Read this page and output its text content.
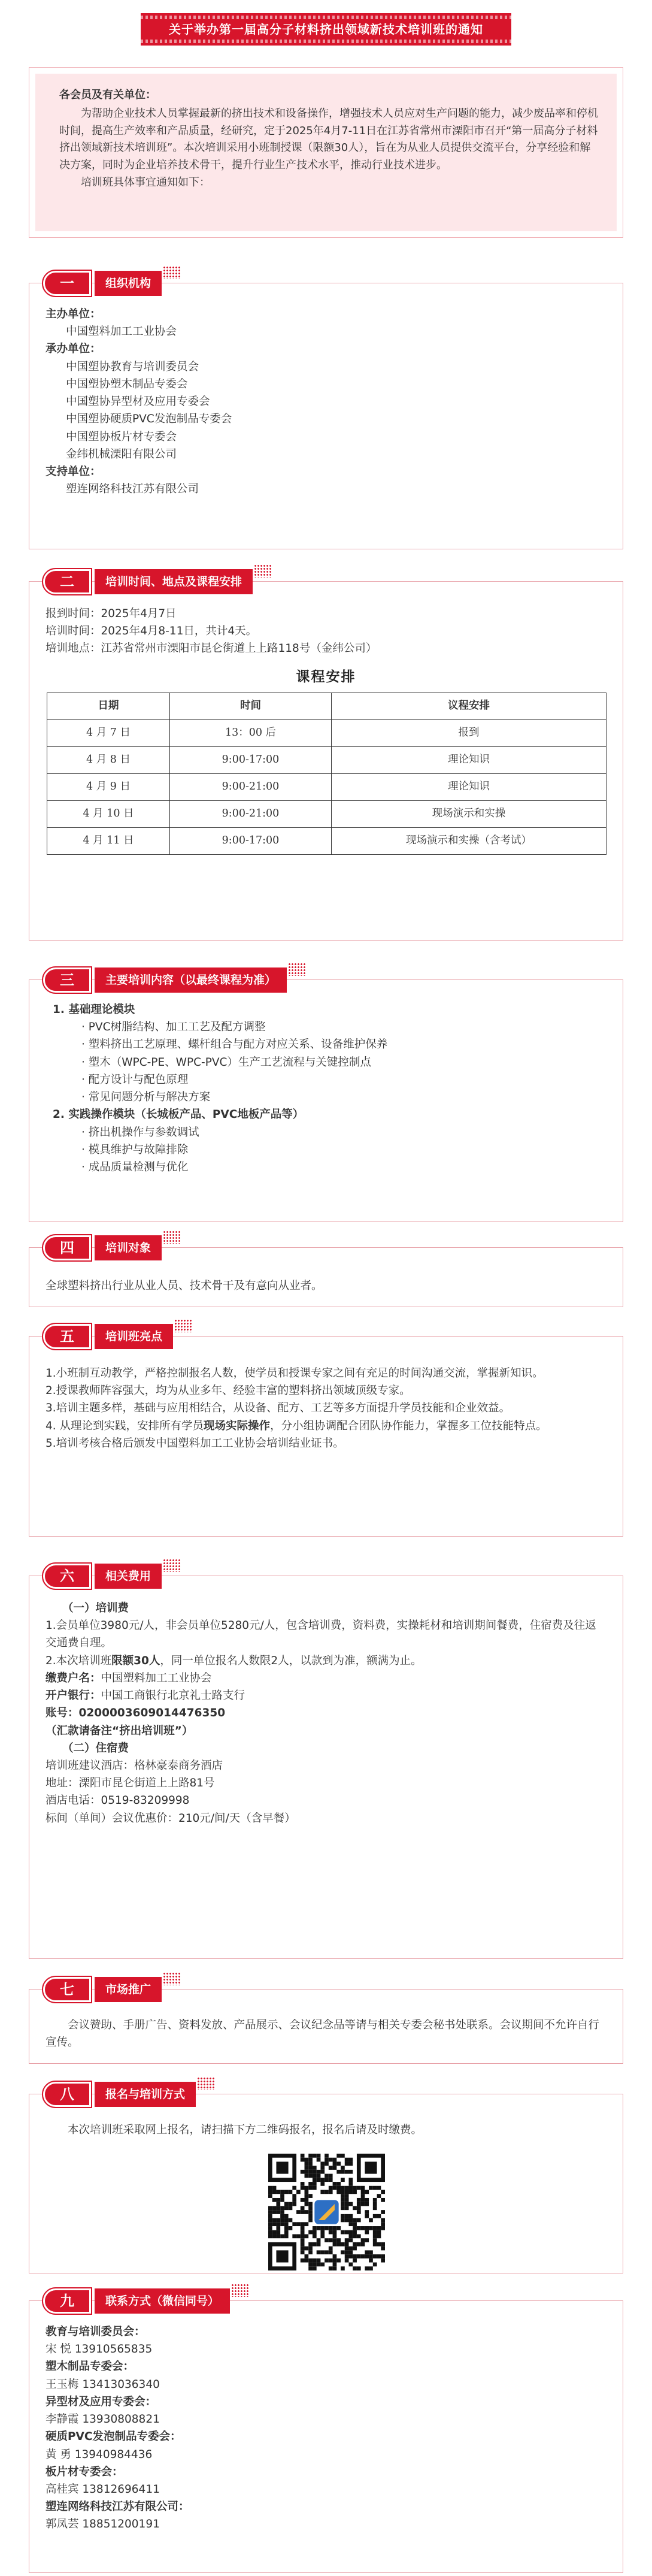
关于举办第一届高分子材料挤出领域新技术培训班的通知
各会员及有关单位：

为帮助企业技术人员掌握最新的挤出技术和设备操作，增强技术人员应对生产问题的能力，减少废品率和停机时间，提高生产效率和产品质量，经研究，定于2025年4月7-11日在江苏省常州市溧阳市召开“第一届高分子材料挤出领域新技术培训班”。本次培训采用小班制授课（限额30人），旨在为从业人员提供交流平台，分享经验和解决方案，同时为企业培养技术骨干，提升行业生产技术水平，推动行业技术进步。

培训班具体事宜通知如下：

一	组织机构
主办单位：
中国塑料加工工业协会
承办单位：
中国塑协教育与培训委员会
中国塑协塑木制品专委会
中国塑协异型材及应用专委会
中国塑协硬质PVC发泡制品专委会
中国塑协板片材专委会
金纬机械溧阳有限公司
支持单位：
塑连网络科技江苏有限公司
二	培训时间、地点及课程安排
报到时间：2025年4月7日
培训时间：2025年4月8-11日，共计4天。
培训地点：江苏省常州市溧阳市昆仑街道上上路118号（金纬公司）
课程安排
日期	时间	议程安排
4 月 7 日	13：00 后	报到
4 月 8 日	9:00-17:00	理论知识
4 月 9 日	9:00-21:00	理论知识
4 月 10 日	9:00-21:00	现场演示和实操
4 月 11 日	9:00-17:00	现场演示和实操（含考试）
三	主要培训内容（以最终课程为准）
1. 基础理论模块
· PVC树脂结构、加工工艺及配方调整
· 塑料挤出工艺原理、螺杆组合与配方对应关系、设备维护保养
· 塑木（WPC-PE、WPC-PVC）生产工艺流程与关键控制点
· 配方设计与配色原理
· 常见问题分析与解决方案
2. 实践操作模块（长城板产品、PVC地板产品等）
· 挤出机操作与参数调试
· 模具维护与故障排除
· 成品质量检测与优化
四	培训对象
全球塑料挤出行业从业人员、技术骨干及有意向从业者。
五	培训班亮点
1.小班制互动教学，严格控制报名人数，使学员和授课专家之间有充足的时间沟通交流，掌握新知识。
2.授课教师阵容强大，均为从业多年、经验丰富的塑料挤出领域顶级专家。
3.培训主题多样，基础与应用相结合，从设备、配方、工艺等多方面提升学员技能和企业效益。
4. 从理论到实践，安排所有学员现场实际操作，分小组协调配合团队协作能力，掌握多工位技能特点。
5.培训考核合格后颁发中国塑料加工工业协会培训结业证书。
六	相关费用
（一）培训费
1.会员单位3980元/人，非会员单位5280元/人，包含培训费，资料费，实操耗材和培训期间餐费，住宿费及往返交通费自理。
2.本次培训班限额30人，同一单位报名人数限2人，以款到为准，额满为止。
缴费户名：中国塑料加工工业协会
开户银行：中国工商银行北京礼士路支行
账号：0200003609014476350
（汇款请备注“挤出培训班”）
（二）住宿费
培训班建议酒店：格林豪泰商务酒店
地址：溧阳市昆仑街道上上路81号
酒店电话：0519-83209998
标间（单间）会议优惠价：210元/间/天（含早餐）
七	市场推广
会议赞助、手册广告、资料发放、产品展示、会议纪念品等请与相关专委会秘书处联系。会议期间不允许自行宣传。
八	报名与培训方式
本次培训班采取网上报名，请扫描下方二维码报名，报名后请及时缴费。
九	联系方式（微信同号）
教育与培训委员会：
宋 悦 13910565835
塑木制品专委会：
王玉梅 13413036340
异型材及应用专委会：
李静霞 13930808821
硬质PVC发泡制品专委会：
黄 勇 13940984436
板片材专委会：
高桂宾 13812696411
塑连网络科技江苏有限公司：
郭凤芸 18851200191
